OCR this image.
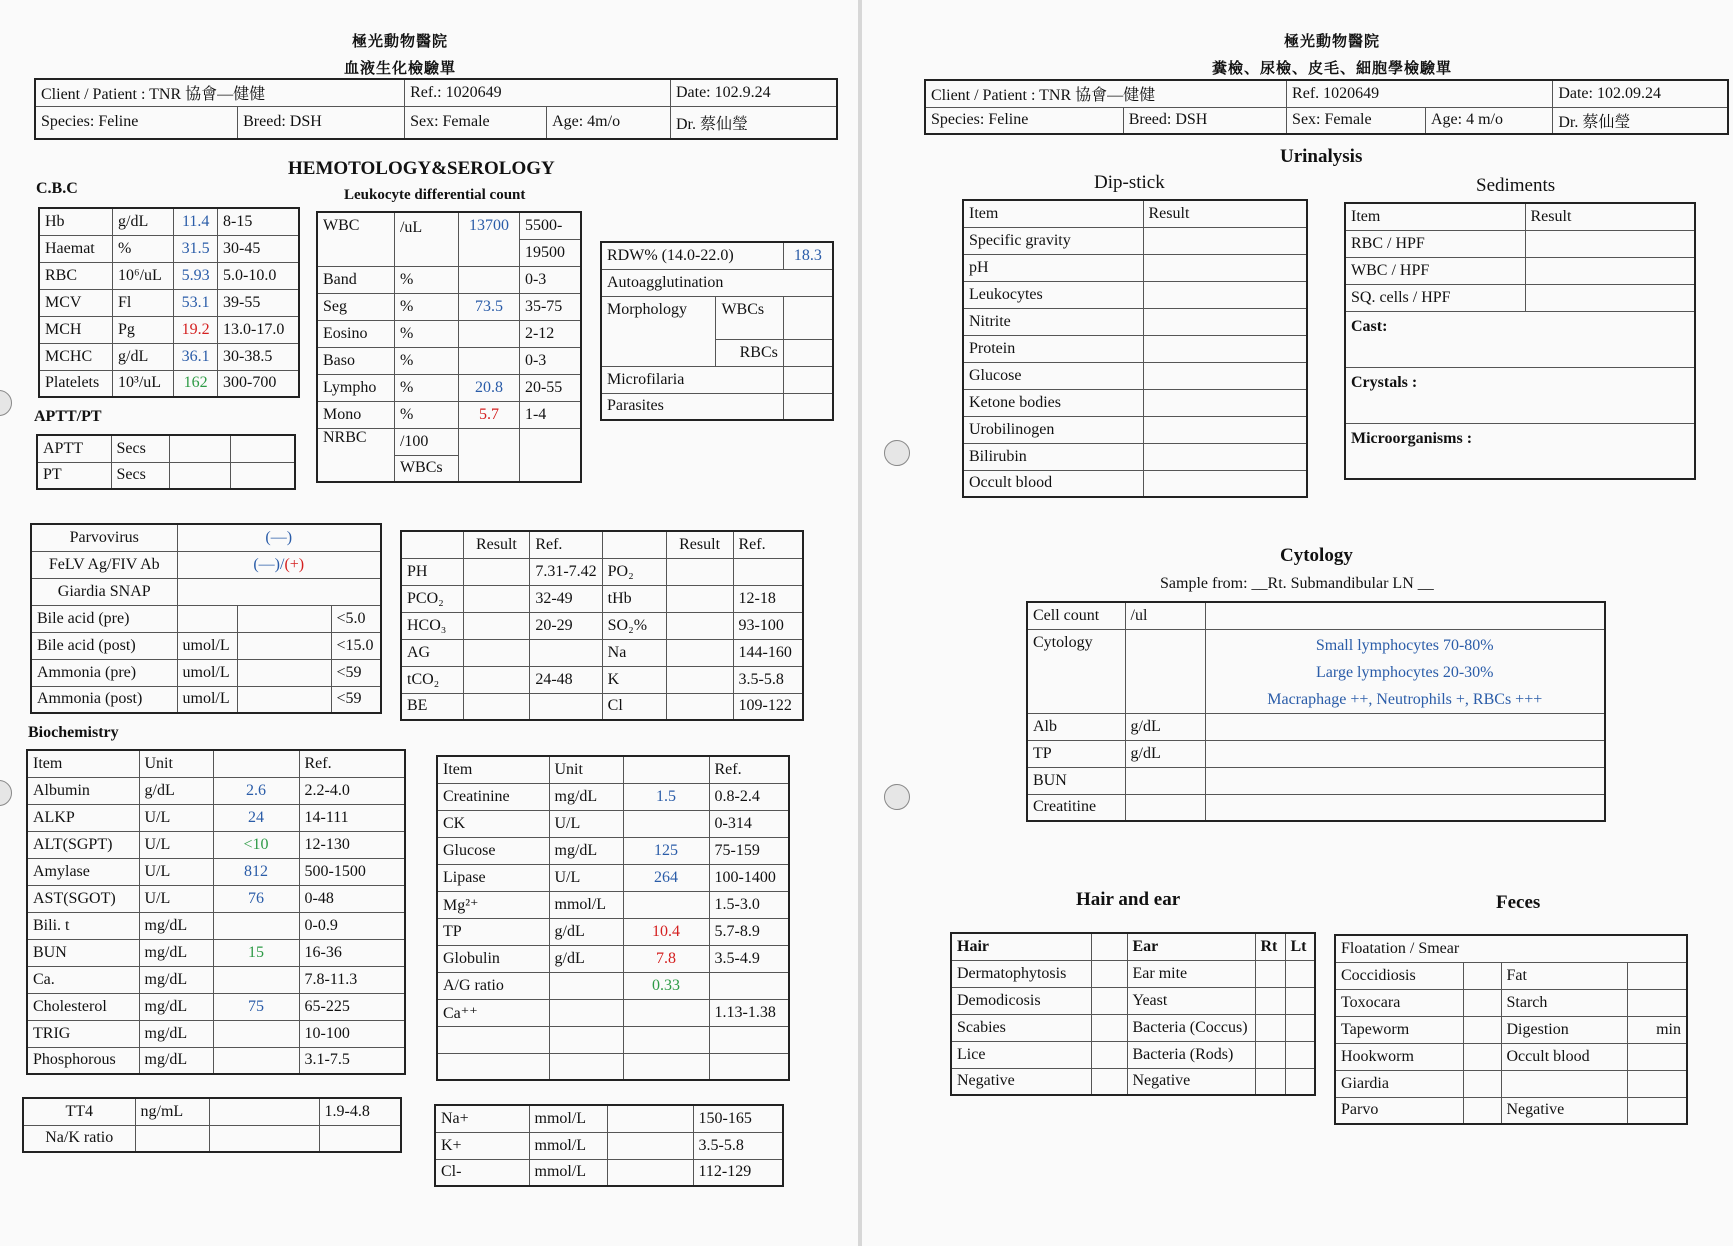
極光動物醫院
血液生化檢驗單
Client / Patient : TNR 協會—健健		Ref.: 1020649		Date: 102.9.24
Species: Feline	Breed: DSH	Sex: Female	Age: 4m/o	Dr. 蔡仙瑩
HEMOTOLOGY&SEROLOGY
C.B.C	Leukocyte differential count
Hb	g/dL	11.4	8-15
Haemat	%	31.5	30-45
RBC	10⁶/uL	5.93	5.0-10.0
MCV	Fl	53.1	39-55
MCH	Pg	19.2	13.0-17.0
MCHC	g/dL	36.1	30-38.5
Platelets	10³/uL	162	300-700
APTT/PT
APTT	Secs		
PT	Secs		
WBC	/uL	13700	5500-
			19500
Band	%		0-3
Seg	%	73.5	35-75
Eosino	%		2-12
Baso	%		0-3
Lympho	%	20.8	20-55
Mono	%	5.7	1-4
NRBC	/100		
	WBCs		
RDW% (14.0-22.0)		18.3
Autoagglutination		
Morphology	WBCs	
	RBCs	
Microfilaria		
Parasites		
Parvovirus	(—)		
FeLV Ag/FIV Ab	(—)/(+)		
Giardia SNAP			
Bile acid (pre)			<5.0
Bile acid (post)	umol/L		<15.0
Ammonia (pre)	umol/L		<59
Ammonia (post)	umol/L		<59
	Result	Ref.		Result	Ref.
PH		7.31-7.42	PO₂		
PCO₂		32-49	tHb		12-18
HCO₃		20-29	SO₂%		93-100
AG			Na		144-160
tCO₂		24-48	K		3.5-5.8
BE			Cl		109-122
Biochemistry
Item	Unit		Ref.
Albumin	g/dL	2.6	2.2-4.0
ALKP	U/L	24	14-111
ALT(SGPT)	U/L	<10	12-130
Amylase	U/L	812	500-1500
AST(SGOT)	U/L	76	0-48
Bili. t	mg/dL		0-0.9
BUN	mg/dL	15	16-36
Ca.	mg/dL		7.8-11.3
Cholesterol	mg/dL	75	65-225
TRIG	mg/dL		10-100
Phosphorous	mg/dL		3.1-7.5
Item	Unit		Ref.
Creatinine	mg/dL	1.5	0.8-2.4
CK	U/L		0-314
Glucose	mg/dL	125	75-159
Lipase	U/L	264	100-1400
Mg²⁺	mmol/L		1.5-3.0
TP	g/dL	10.4	5.7-8.9
Globulin	g/dL	7.8	3.5-4.9
A/G ratio		0.33	
Ca⁺⁺			1.13-1.38

TT4	ng/mL		1.9-4.8
Na/K ratio			
Na+	mmol/L		150-165
K+	mmol/L		3.5-5.8
Cl-	mmol/L		112-129
極光動物醫院
糞檢、尿檢、皮毛、細胞學檢驗單
Client / Patient : TNR 協會—健健		Ref. 1020649		Date: 102.09.24
Species: Feline	Breed: DSH	Sex: Female	Age: 4 m/o	Dr. 蔡仙瑩
Urinalysis
Dip-stick	Sediments
Item	Result
Specific gravity	
pH	
Leukocytes	
Nitrite	
Protein	
Glucose	
Ketone bodies	
Urobilinogen	
Bilirubin	
Occult blood	
Item	Result
RBC / HPF	
WBC / HPF	
SQ. cells / HPF	
Cast:	
Crystals :	
Microorganisms :	
Cytology
Sample from: __Rt. Submandibular LN __
Cell count	/ul	
Cytology		Small lymphocytes 70-80%
Large lymphocytes 20-30%
Macraphage ++, Neutrophils +, RBCs +++

Alb	g/dL	
TP	g/dL	
BUN		
Creatitine		
Hair and ear	Feces
Hair		Ear	Rt	Lt
Dermatophytosis		Ear mite		
Demodicosis		Yeast		
Scabies		Bacteria (Coccus)		
Lice		Bacteria (Rods)		
Negative		Negative		
Floatation / Smear			
Coccidiosis		Fat	
Toxocara		Starch	
Tapeworm		Digestion	min
Hookworm		Occult blood	
Giardia			
Parvo		Negative	
